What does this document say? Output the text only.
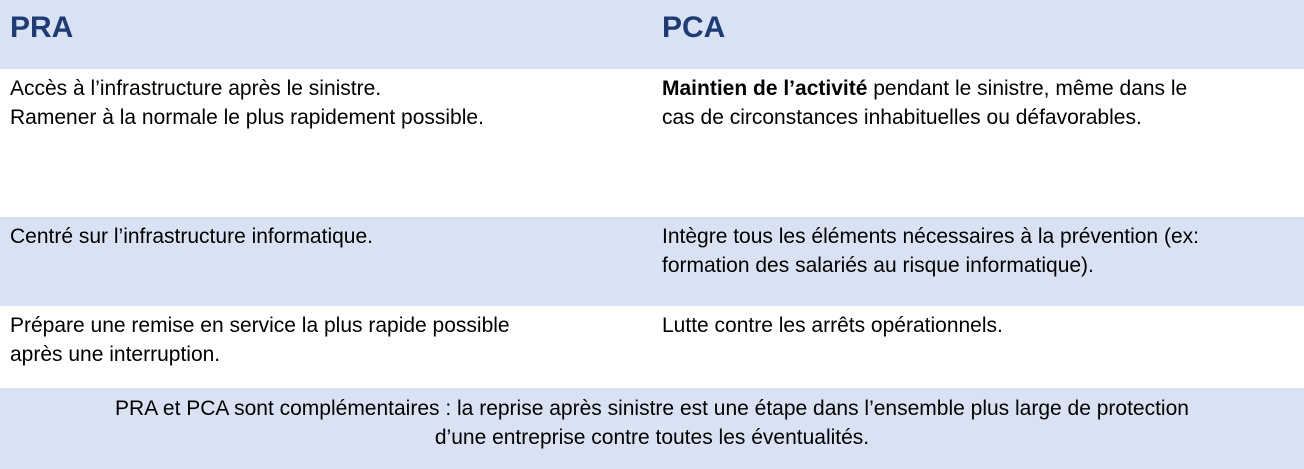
PRA	PCA
Accès à l’infrastructure après le sinistre.
Ramener à la normale le plus rapidement possible.
Maintien de l’activité pendant le sinistre, même dans le
cas de circonstances inhabituelles ou défavorables.
Centré sur l’infrastructure informatique.	Intègre tous les éléments nécessaires à la prévention (ex:
formation des salariés au risque informatique).
Prépare une remise en service la plus rapide possible
après une interruption.
Lutte contre les arrêts opérationnels.
PRA et PCA sont complémentaires : la reprise après sinistre est une étape dans l’ensemble plus large de protection
d’une entreprise contre toutes les éventualités.
